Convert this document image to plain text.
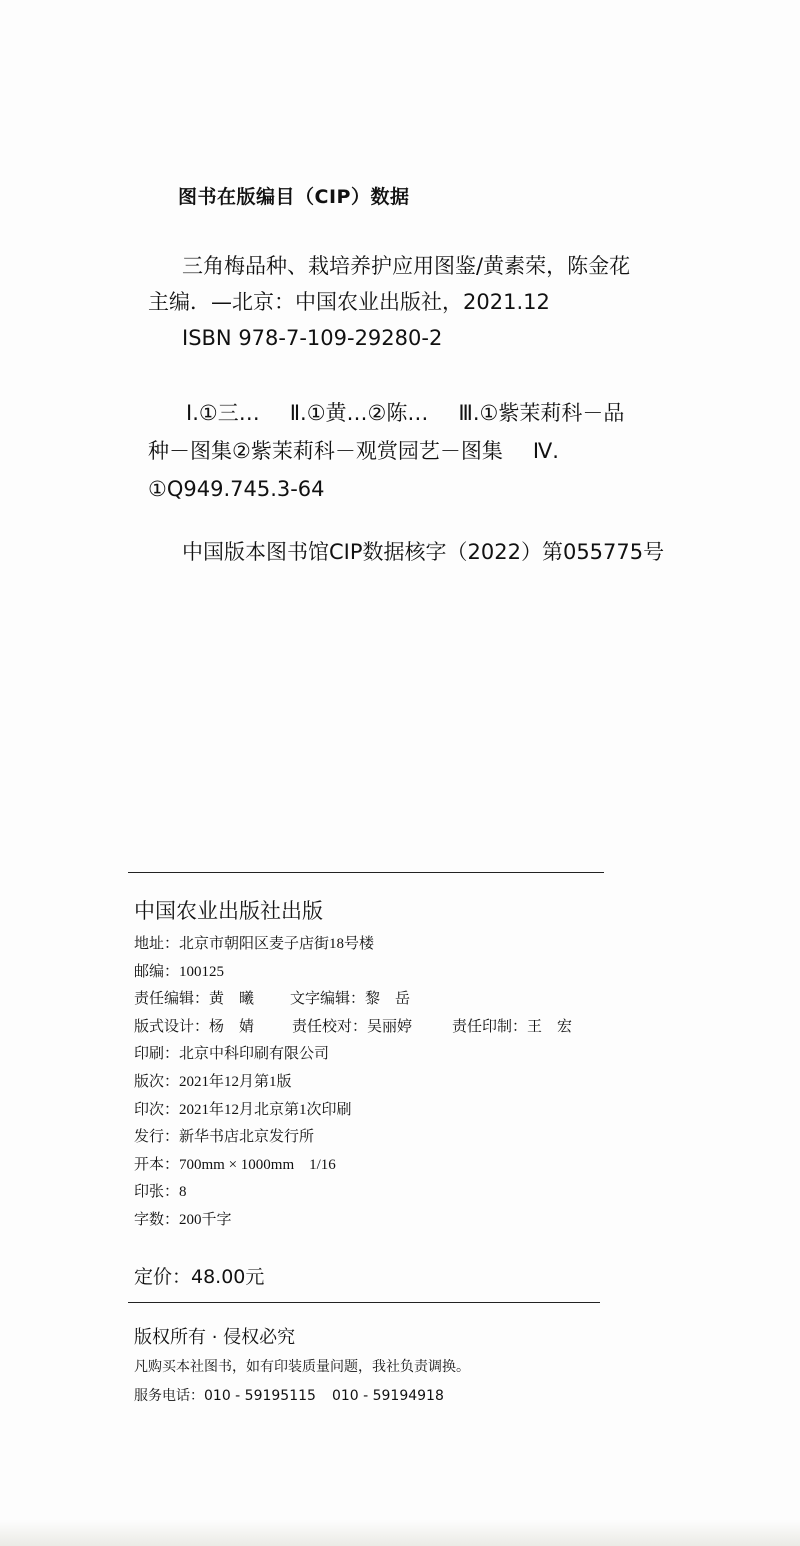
图书在版编目（CIP）数据
三角梅品种、栽培养护应用图鉴/黄素荣，陈金花
主编．—北京：中国农业出版社，2021.12
ISBN 978-7-109-29280-2
Ⅰ.①三… Ⅱ.①黄…②陈… Ⅲ.①紫茉莉科－品
种－图集②紫茉莉科－观赏园艺－图集 Ⅳ.
①Q949.745.3-64
中国版本图书馆CIP数据核字（2022）第055775号
中国农业出版社出版
地址：北京市朝阳区麦子店街18号楼
邮编：100125
责任编辑：黄　曦 文字编辑：黎　岳
版式设计：杨　婧	责任校对：吴丽婷	责任印制：王　宏
印刷：北京中科印刷有限公司
版次：2021年12月第1版
印次：2021年12月北京第1次印刷
发行：新华书店北京发行所
开本：700mm × 1000mm　1/16
印张：8
字数：200千字
定价：48.00元
版权所有 · 侵权必究
凡购买本社图书，如有印装质量问题，我社负责调换。
服务电话：010 - 59195115 010 - 59194918
